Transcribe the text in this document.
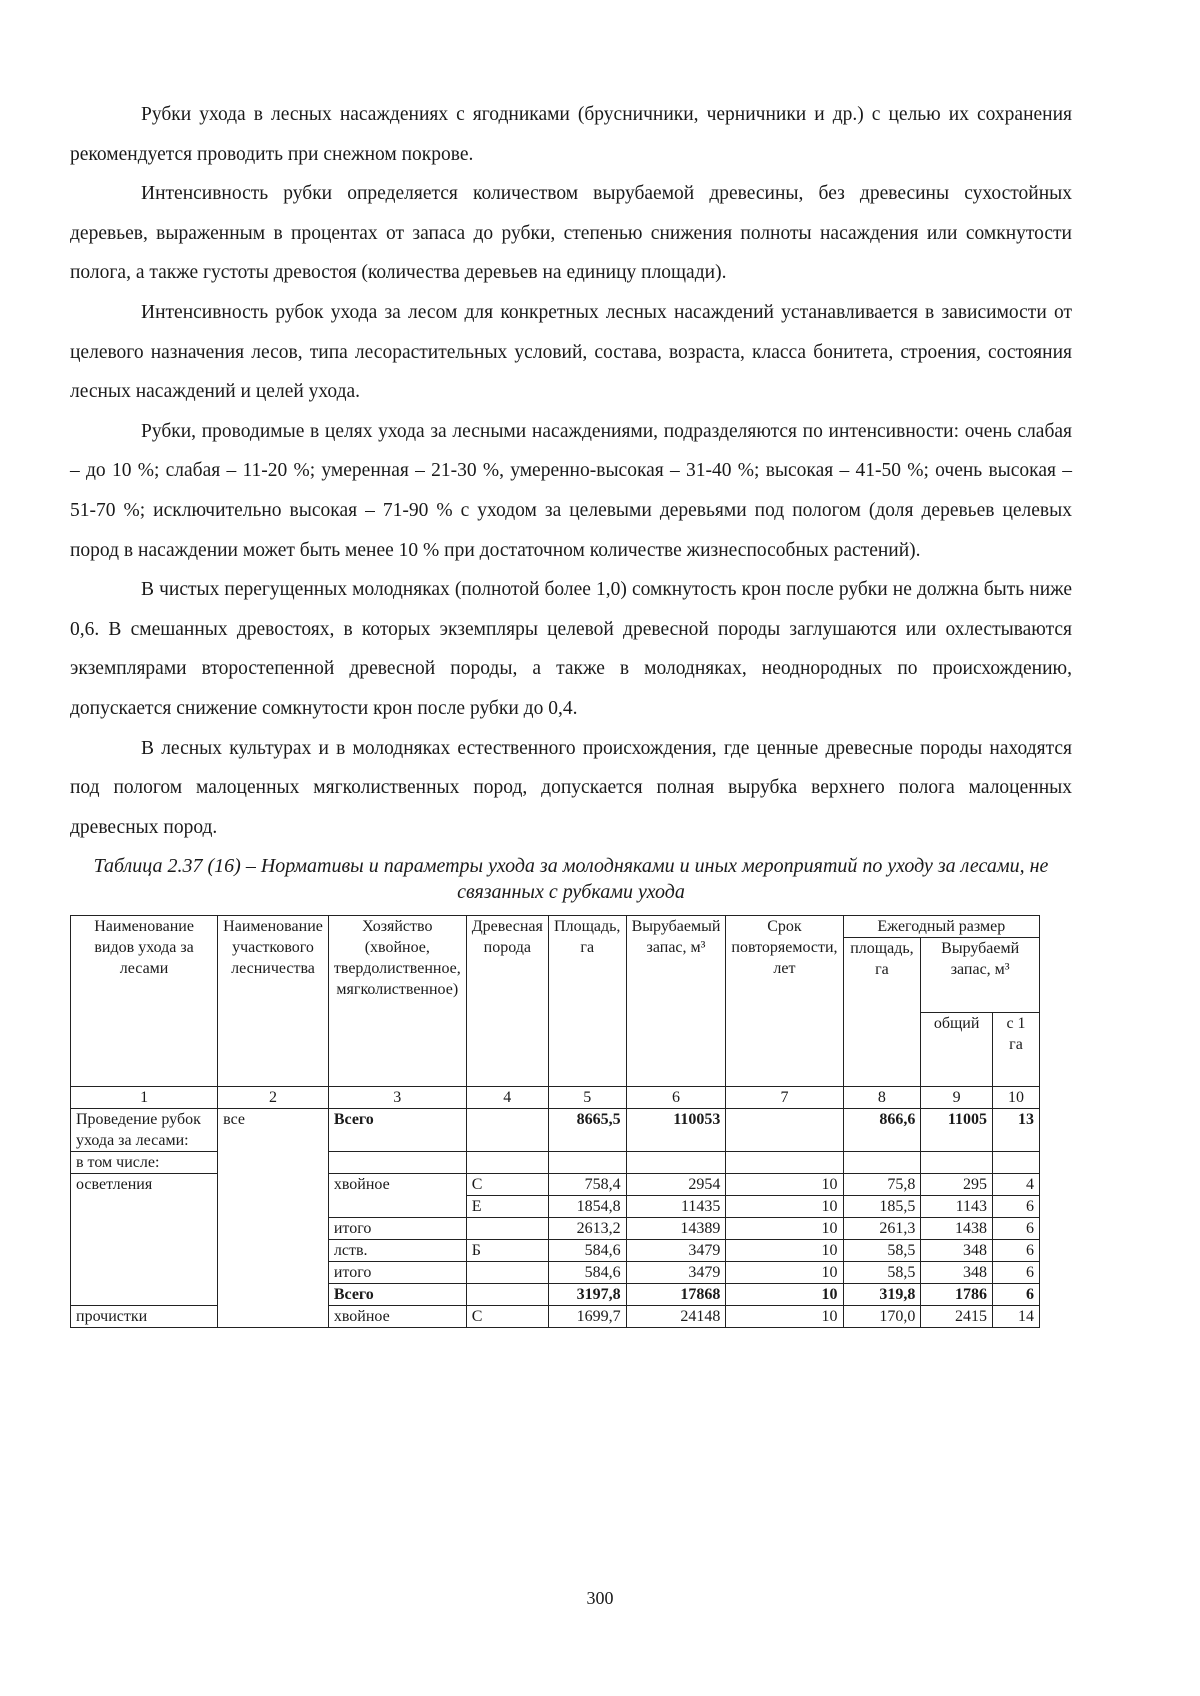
Рубки ухода в лесных насаждениях с ягодниками (брусничники, черничники и др.) с целью их сохранения рекомендуется проводить при снежном покрове.

Интенсивность рубки определяется количеством вырубаемой древесины, без древесины сухостойных деревьев, выраженным в процентах от запаса до рубки, степенью снижения полноты насаждения или сомкнутости полога, а также густоты древостоя (количества деревьев на единицу площади).

Интенсивность рубок ухода за лесом для конкретных лесных насаждений устанавливается в зависимости от целевого назначения лесов, типа лесорастительных условий, состава, возраста, класса бонитета, строения, состояния лесных насаждений и целей ухода.

Рубки, проводимые в целях ухода за лесными насаждениями, подразделяются по интенсивности: очень слабая – до 10 %; слабая – 11-20 %; умеренная – 21-30 %, умеренно-высокая – 31-40 %; высокая – 41-50 %; очень высокая – 51-70 %; исключительно высокая – 71-90 % с уходом за целевыми деревьями под пологом (доля деревьев целевых пород в насаждении может быть менее 10 % при достаточном количестве жизнеспособных растений).

В чистых перегущенных молодняках (полнотой более 1,0) сомкнутость крон после рубки не должна быть ниже 0,6. В смешанных древостоях, в которых экземпляры целевой древесной породы заглушаются или охлестываются экземплярами второстепенной древесной породы, а также в молодняках, неоднородных по происхождению, допускается снижение сомкнутости крон после рубки до 0,4.

В лесных культурах и в молодняках естественного происхождения, где ценные древесные породы находятся под пологом малоценных мягколиственных пород, допускается полная вырубка верхнего полога малоценных древесных пород.

Таблица 2.37 (16) – Нормативы и параметры ухода за молодняками и иных мероприятий по уходу за лесами, не связанных с рубками ухода
Наименование видов ухода за лесами	Наименование участкового лесничества	Хозяйство (хвойное, твердолиственное, мягколиственное)	Древесная порода	Площадь, га	Вырубаемый запас, м³	Срок повторяемости, лет	Ежегодный размер		
							площадь, га	Вырубаемй запас, м³	
								общий	с 1 га
1	2	3	4	5	6	7	8	9	10
Проведение рубок ухода за лесами:	все	Всего		8665,5	110053		866,6	11005	13
в том числе:									
осветления		хвойное	С	758,4	2954	10	75,8	295	4
			Е	1854,8	11435	10	185,5	1143	6
		итого		2613,2	14389	10	261,3	1438	6
		лств.	Б	584,6	3479	10	58,5	348	6
		итого		584,6	3479	10	58,5	348	6
		Всего		3197,8	17868	10	319,8	1786	6
прочистки		хвойное	С	1699,7	24148	10	170,0	2415	14
300
